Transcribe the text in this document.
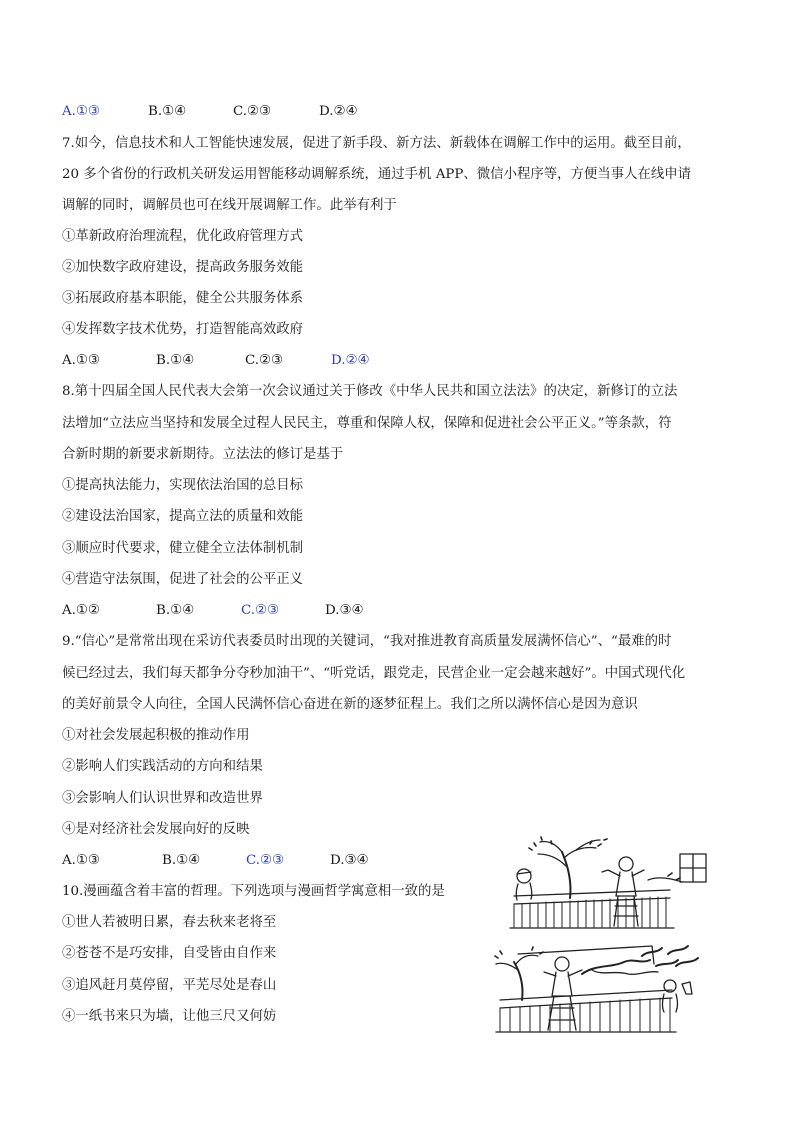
A.①③	B.①④	C.②③	D.②④
7.如今，信息技术和人工智能快速发展，促进了新手段、新方法、新载体在调解工作中的运用。截至目前，
20 多个省份的行政机关研发运用智能移动调解系统，通过手机 APP、微信小程序等，方便当事人在线申请
调解的同时，调解员也可在线开展调解工作。此举有利于
①革新政府治理流程，优化政府管理方式
②加快数字政府建设，提高政务服务效能
③拓展政府基本职能，健全公共服务体系
④发挥数字技术优势，打造智能高效政府
A.①③	B.①④	C.②③	D.②④
8.第十四届全国人民代表大会第一次会议通过关于修改《中华人民共和国立法法》的决定，新修订的立法
法增加“立法应当坚持和发展全过程人民民主，尊重和保障人权，保障和促进社会公平正义。”等条款，符
合新时期的新要求新期待。立法法的修订是基于
①提高执法能力，实现依法治国的总目标
②建设法治国家，提高立法的质量和效能
③顺应时代要求，健立健全立法体制机制
④营造守法氛围，促进了社会的公平正义
A.①②	B.①④	C.②③	D.③④
9.“信心”是常常出现在采访代表委员时出现的关键词，“我对推进教育高质量发展满怀信心”、“最难的时
候已经过去，我们每天都争分夺秒加油干”、“听党话，跟党走，民营企业一定会越来越好”。中国式现代化
的美好前景令人向往，全国人民满怀信心奋进在新的逐梦征程上。我们之所以满怀信心是因为意识
①对社会发展起积极的推动作用
②影响人们实践活动的方向和结果
③会影响人们认识世界和改造世界
④是对经济社会发展向好的反映
A.①③	B.①④	C.②③	D.③④
10.漫画蕴含着丰富的哲理。下列选项与漫画哲学寓意相一致的是
①世人若被明日累，春去秋来老将至
②苍苍不是巧安排，自受皆由自作来
③追风赶月莫停留，平芜尽处是春山
④一纸书来只为墙，让他三尺又何妨
